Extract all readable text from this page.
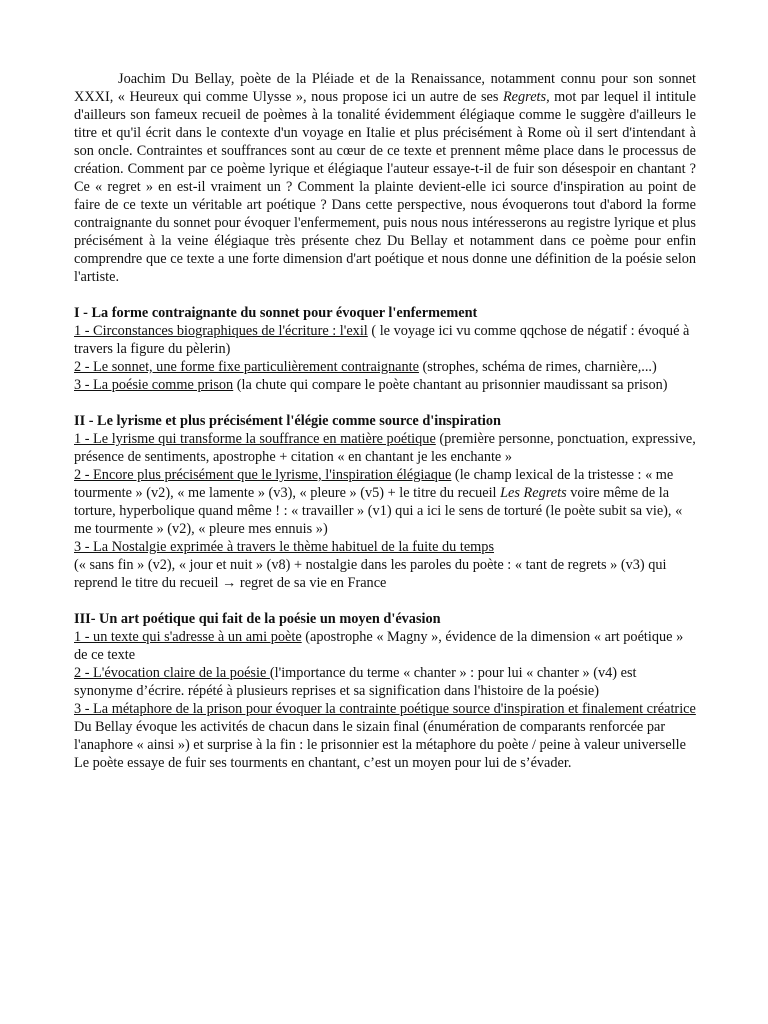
Joachim Du Bellay, poète de la Pléiade et de la Renaissance, notamment connu pour son sonnet XXXI, « Heureux qui comme Ulysse », nous propose ici un autre de ses Regrets, mot par lequel il intitule d'ailleurs son fameux recueil de poèmes à la tonalité évidemment élégiaque comme le suggère d'ailleurs le titre et qu'il écrit dans le contexte d'un voyage en Italie et plus précisément à Rome où il sert d'intendant à son oncle. Contraintes et souffrances sont au cœur de ce texte et prennent même place dans le processus de création. Comment par ce poème lyrique et élégiaque l'auteur essaye-t-il de fuir son désespoir en chantant ? Ce « regret » en est-il vraiment un ? Comment la plainte devient-elle ici source d'inspiration au point de faire de ce texte un véritable art poétique ? Dans cette perspective, nous évoquerons tout d'abord la forme contraignante du sonnet pour évoquer l'enfermement, puis nous nous intéresserons au registre lyrique et plus précisément à la veine élégiaque très présente chez Du Bellay et notamment dans ce poème pour enfin comprendre que ce texte a une forte dimension d'art poétique et nous donne une définition de la poésie selon l'artiste.

I - La forme contraignante du sonnet pour évoquer l'enfermement

1 - Circonstances biographiques de l'écriture : l'exil ( le voyage ici vu comme qqchose de négatif : évoqué à travers la figure du pèlerin)

2 - Le sonnet, une forme fixe particulièrement contraignante (strophes, schéma de rimes, charnière,...)

3 - La poésie comme prison (la chute qui compare le poète chantant au prisonnier maudissant sa prison)

II - Le lyrisme et plus précisément l'élégie comme source d'inspiration

1 - Le lyrisme qui transforme la souffrance en matière poétique (première personne, ponctuation, expressive, présence de sentiments, apostrophe + citation « en chantant je les enchante »

2 - Encore plus précisément que le lyrisme, l'inspiration élégiaque (le champ lexical de la tristesse : « me tourmente » (v2), « me lamente » (v3), « pleure » (v5) + le titre du recueil Les Regrets voire même de la torture, hyperbolique quand même ! : « travailler » (v1) qui a ici le sens de torturé (le poète subit sa vie), « me tourmente » (v2), « pleure mes ennuis »)

3 - La Nostalgie exprimée à travers le thème habituel de la fuite du temps

(« sans fin » (v2), « jour et nuit » (v8) + nostalgie dans les paroles du poète : « tant de regrets » (v3) qui reprend le titre du recueil → regret de sa vie en France

III- Un art poétique qui fait de la poésie un moyen d'évasion

1 - un texte qui s'adresse à un ami poète (apostrophe « Magny », évidence de la dimension « art poétique » de ce texte

2 - L'évocation claire de la poésie (l'importance du terme « chanter » : pour lui « chanter » (v4) est synonyme d’écrire. répété à plusieurs reprises et sa signification dans l'histoire de la poésie)

3 - La métaphore de la prison pour évoquer la contrainte poétique source d'inspiration et finalement créatrice

Du Bellay évoque les activités de chacun dans le sizain final (énumération de comparants renforcée par l'anaphore « ainsi ») et surprise à la fin : le prisonnier est la métaphore du poète / peine à valeur universelle

Le poète essaye de fuir ses tourments en chantant, c’est un moyen pour lui de s’évader.
